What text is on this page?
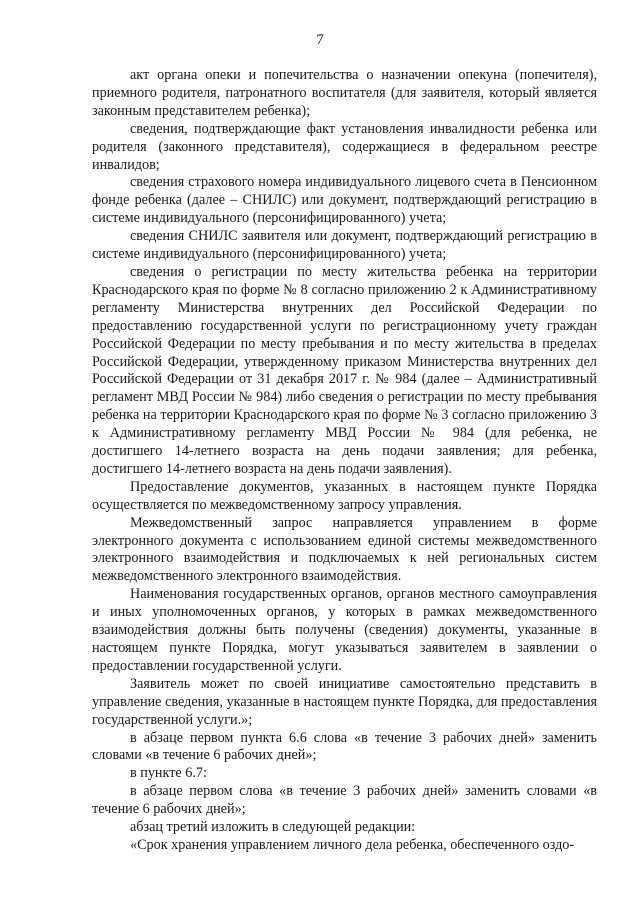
7

акт органа опеки и попечительства о назначении опекуна (попечителя), приемного родителя, патронатного воспитателя (для заявителя, который является законным представителем ребенка);

сведения, подтверждающие факт установления инвалидности ребенка или родителя (законного представителя), содержащиеся в федеральном реестре инвалидов;

сведения страхового номера индивидуального лицевого счета в Пенсионном фонде ребенка (далее – СНИЛС) или документ, подтверждающий регистрацию в системе индивидуального (персонифицированного) учета;

сведения СНИЛС заявителя или документ, подтверждающий регистрацию в системе индивидуального (персонифицированного) учета;

сведения о регистрации по месту жительства ребенка на территории Краснодарского края по форме № 8 согласно приложению 2 к Административному регламенту Министерства внутренних дел Российской Федерации по предоставлению государственной услуги по регистрационному учету граждан Российской Федерации по месту пребывания и по месту жительства в пределах Российской Федерации, утвержденному приказом Министерства внутренних дел Российской Федерации от 31 декабря 2017 г. № 984 (далее – Административный регламент МВД России № 984) либо сведения о регистрации по месту пребывания ребенка на территории Краснодарского края по форме № 3 согласно приложению 3 к Административному регламенту МВД России № 984 (для ребенка, не достигшего 14-летнего возраста на день подачи заявления; для ребенка, достигшего 14-летнего возраста на день подачи заявления).

Предоставление документов, указанных в настоящем пункте Порядка осуществляется по межведомственному запросу управления.

Межведомственный запрос направляется управлением в форме электронного документа с использованием единой системы межведомственного электронного взаимодействия и подключаемых к ней региональных систем межведомственного электронного взаимодействия.

Наименования государственных органов, органов местного самоуправления и иных уполномоченных органов, у которых в рамках межведомственного взаимодействия должны быть получены (сведения) документы, указанные в настоящем пункте Порядка, могут указываться заявителем в заявлении о предоставлении государственной услуги.

Заявитель может по своей инициативе самостоятельно представить в управление сведения, указанные в настоящем пункте Порядка, для предоставления государственной услуги.»;

в абзаце первом пункта 6.6 слова «в течение 3 рабочих дней» заменить словами «в течение 6 рабочих дней»;

в пункте 6.7:

в абзаце первом слова «в течение 3 рабочих дней» заменить словами «в течение 6 рабочих дней»;

абзац третий изложить в следующей редакции:

«Срок хранения управлением личного дела ребенка, обеспеченного оздо-
